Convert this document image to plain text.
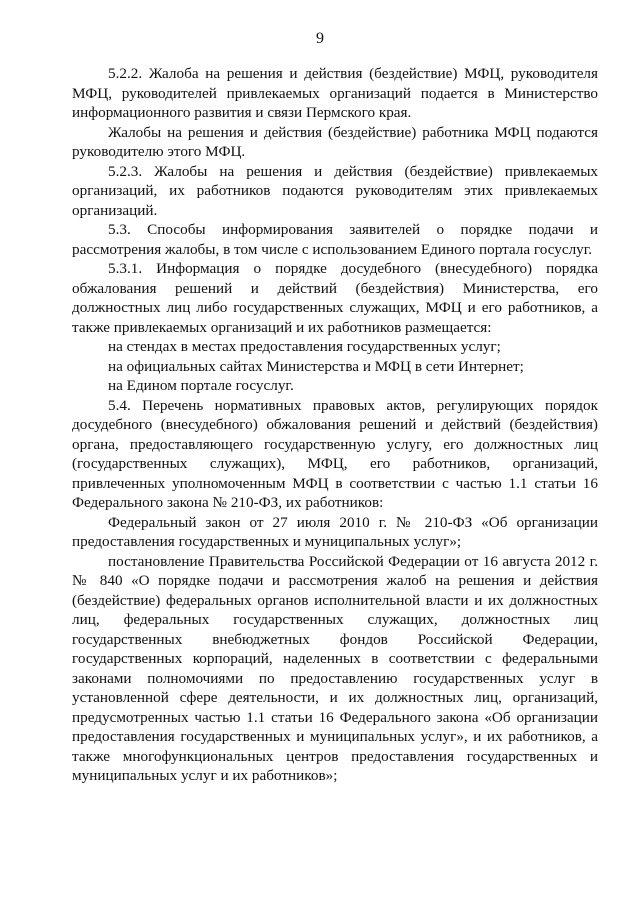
9

5.2.2. Жалоба на решения и действия (бездействие) МФЦ, руководителя МФЦ, руководителей привлекаемых организаций подается в Министерство информационного развития и связи Пермского края.

Жалобы на решения и действия (бездействие) работника МФЦ подаются руководителю этого МФЦ.

5.2.3. Жалобы на решения и действия (бездействие) привлекаемых организаций, их работников подаются руководителям этих привлекаемых организаций.

5.3. Способы информирования заявителей о порядке подачи и рассмотрения жалобы, в том числе с использованием Единого портала госуслуг.

5.3.1. Информация о порядке досудебного (внесудебного) порядка обжалования решений и действий (бездействия) Министерства, его должностных лиц либо государственных служащих, МФЦ и его работников, а также привлекаемых организаций и их работников размещается:

на стендах в местах предоставления государственных услуг;

на официальных сайтах Министерства и МФЦ в сети Интернет;

на Едином портале госуслуг.

5.4. Перечень нормативных правовых актов, регулирующих порядок досудебного (внесудебного) обжалования решений и действий (бездействия) органа, предоставляющего государственную услугу, его должностных лиц (государственных служащих), МФЦ, его работников, организаций, привлеченных уполномоченным МФЦ в соответствии с частью 1.1 статьи 16 Федерального закона № 210-ФЗ, их работников:

Федеральный закон от 27 июля 2010 г. № 210-ФЗ «Об организации предоставления государственных и муниципальных услуг»;

постановление Правительства Российской Федерации от 16 августа 2012 г. № 840 «О порядке подачи и рассмотрения жалоб на решения и действия (бездействие) федеральных органов исполнительной власти и их должностных лиц, федеральных государственных служащих, должностных лиц государственных внебюджетных фондов Российской Федерации, государственных корпораций, наделенных в соответствии с федеральными законами полномочиями по предоставлению государственных услуг в установленной сфере деятельности, и их должностных лиц, организаций, предусмотренных частью 1.1 статьи 16 Федерального закона «Об организации предоставления государственных и муниципальных услуг», и их работников, а также многофункциональных центров предоставления государственных и муниципальных услуг и их работников»;
